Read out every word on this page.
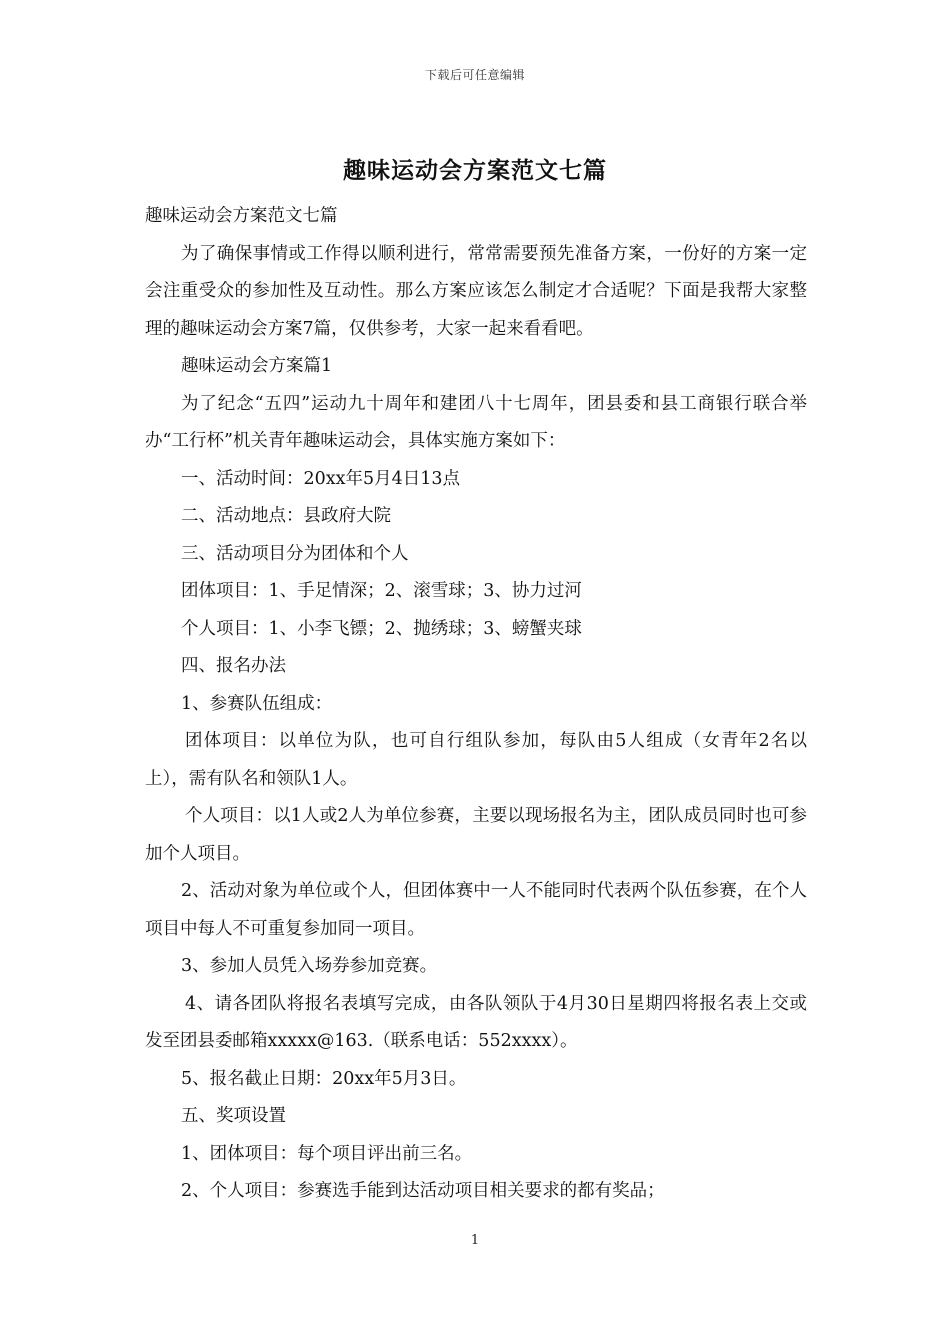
下载后可任意编辑
趣味运动会方案范文七篇

趣味运动会方案范文七篇

为了确保事情或工作得以顺利进行，常常需要预先准备方案，一份好的方案一定会注重受众的参加性及互动性。那么方案应该怎么制定才合适呢？下面是我帮大家整理的趣味运动会方案7篇，仅供参考，大家一起来看看吧。

趣味运动会方案篇1

为了纪念“五四”运动九十周年和建团八十七周年，团县委和县工商银行联合举办“工行杯”机关青年趣味运动会，具体实施方案如下：

一、活动时间：20xx年5月4日13点

二、活动地点：县政府大院

三、活动项目分为团体和个人

团体项目：1、手足情深；2、滚雪球；3、协力过河

个人项目：1、小李飞镖；2、抛绣球；3、螃蟹夹球

四、报名办法

1、参赛队伍组成：

团体项目：以单位为队，也可自行组队参加，每队由5人组成（女青年2名以上），需有队名和领队1人。

个人项目：以1人或2人为单位参赛，主要以现场报名为主，团队成员同时也可参加个人项目。

2、活动对象为单位或个人，但团体赛中一人不能同时代表两个队伍参赛，在个人项目中每人不可重复参加同一项目。

3、参加人员凭入场券参加竞赛。

4、请各团队将报名表填写完成，由各队领队于4月30日星期四将报名表上交或发至团县委邮箱xxxxx@163.（联系电话：552xxxx）。

5、报名截止日期：20xx年5月3日。

五、奖项设置

1、团体项目：每个项目评出前三名。

2、个人项目：参赛选手能到达活动项目相关要求的都有奖品；

1
